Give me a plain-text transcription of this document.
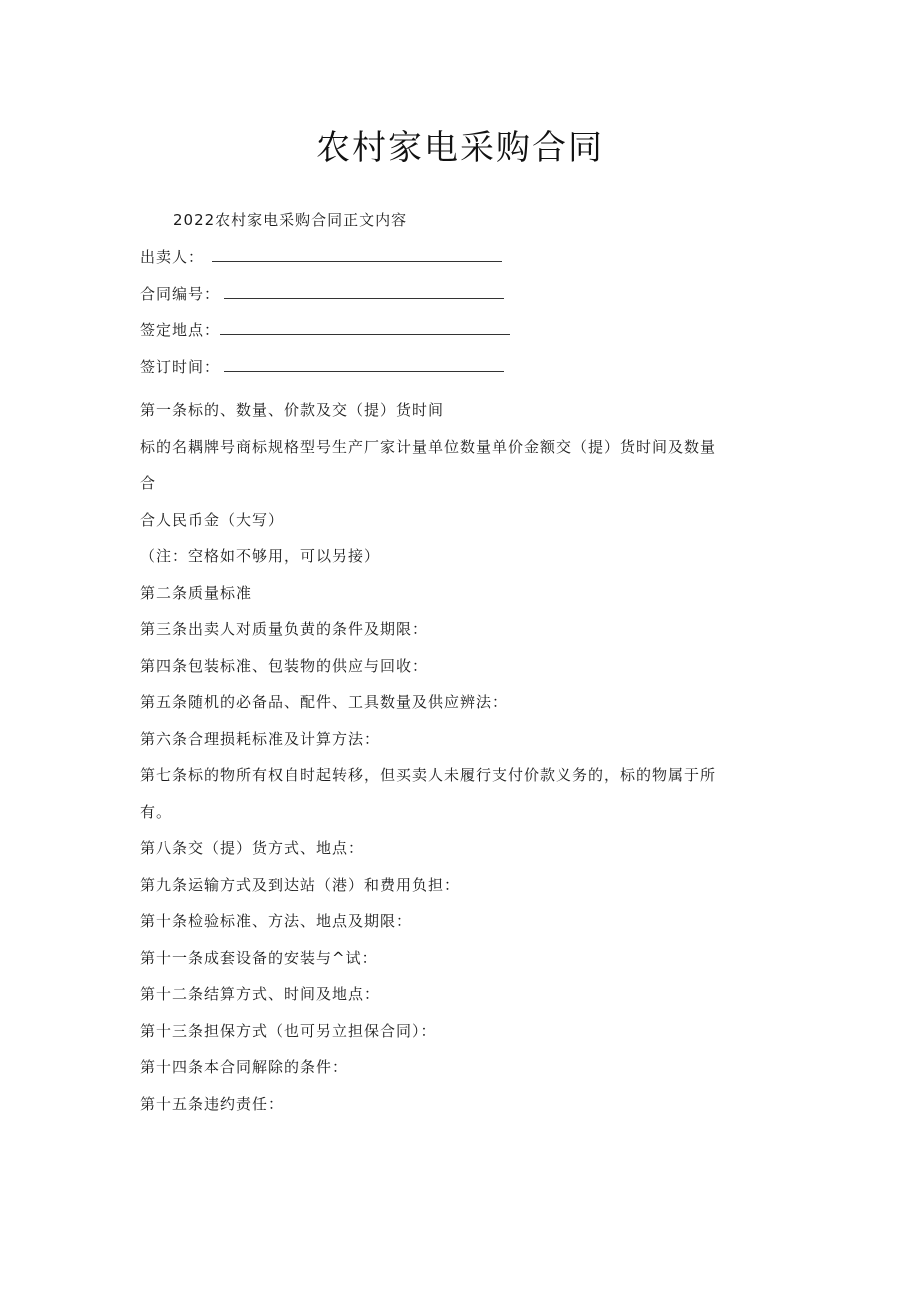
农村家电采购合同
2022农村家电采购合同正文内容
出卖人：
合同编号：
签定地点：
签订时间：
第一条标的、数量、价款及交（提）货时间
标的名耦牌号商标规格型号生产厂家计量单位数量单价金额交（提）货时间及数量
合
合人民币金（大写）
（注：空格如不够用，可以另接）
第二条质量标准
第三条出卖人对质量负黄的条件及期限：
第四条包装标准、包装物的供应与回收：
第五条随机的必备品、配件、工具数量及供应辨法：
第六条合理损耗标准及计算方法：
第七条标的物所有权自时起转移，但买卖人未履行支付价款义务的，标的物属于所
有。
第八条交（提）货方式、地点：
第九条运输方式及到达站（港）和费用负担：
第十条检验标准、方法、地点及期限：
第十一条成套设备的安装与^试：
第十二条结算方式、时间及地点：
第十三条担保方式（也可另立担保合同）：
第十四条本合同解除的条件：
第十五条违约责任：
